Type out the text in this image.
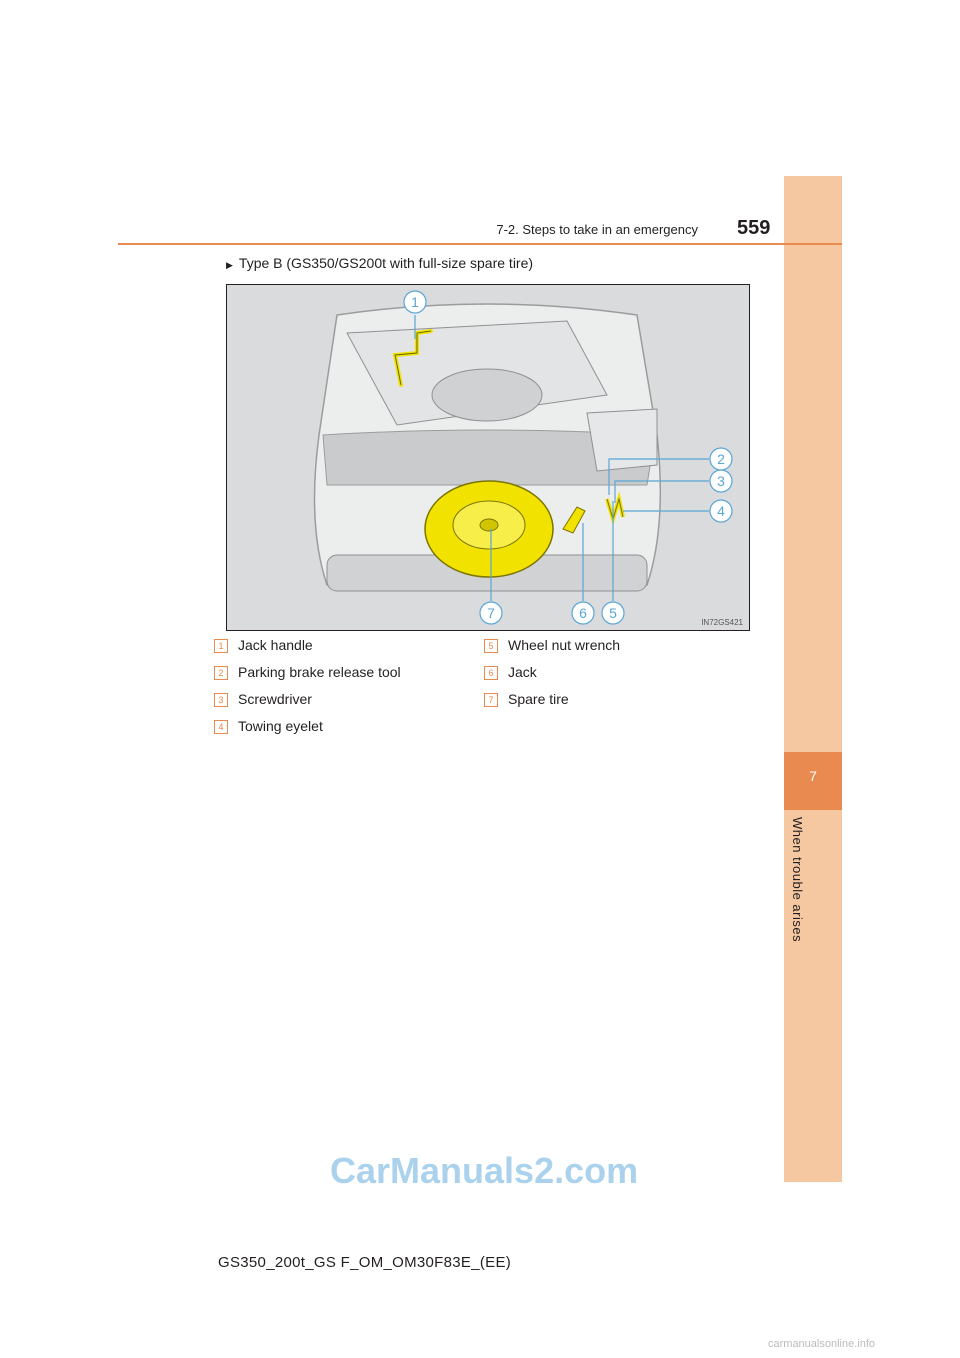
7
When trouble arises
7-2. Steps to take in an emergency 559
▶ Type B (GS350/GS200t with full-size spare tire)
1
2
3
4
5
6
7
IN72GS421
1 Jack handle
2 Parking brake release tool
3 Screwdriver
4 Towing eyelet
5 Wheel nut wrench
6 Jack
7 Spare tire
CarManuals2.com
GS350_200t_GS F_OM_OM30F83E_(EE)
carmanualsonline.info
